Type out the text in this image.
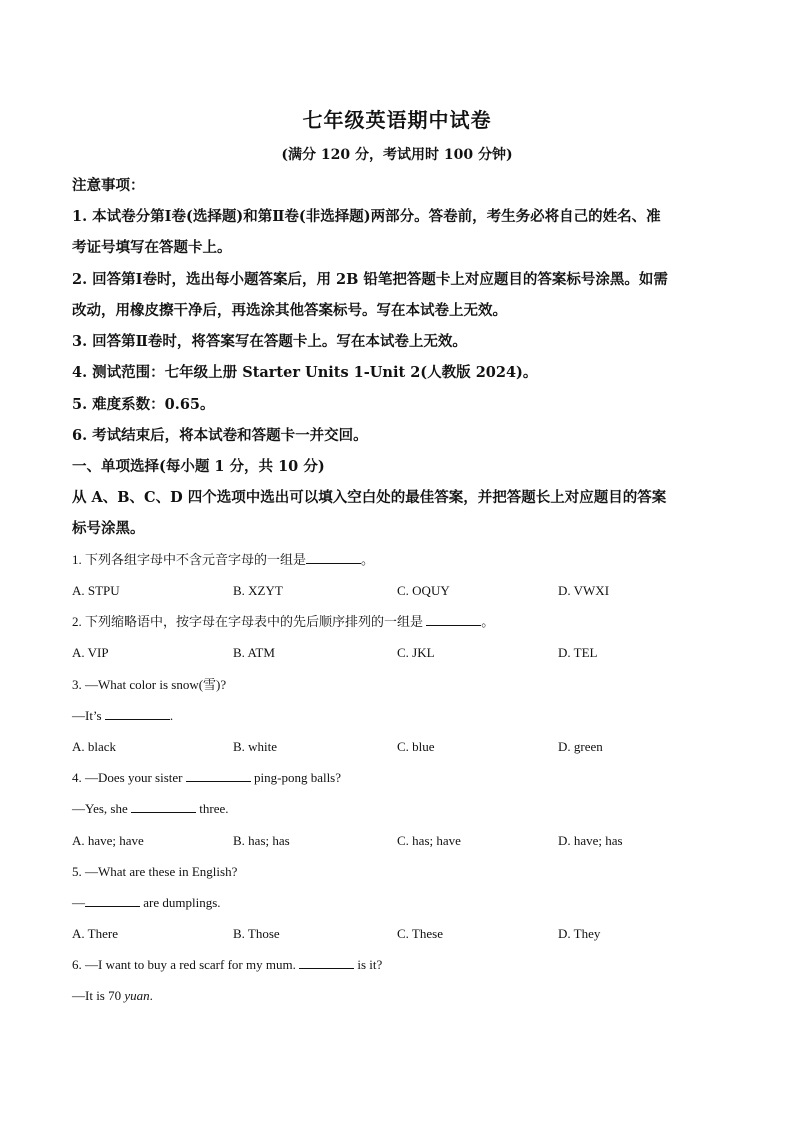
七年级英语期中试卷
(满分 120 分，考试用时 100 分钟)
注意事项：
1. 本试卷分第Ⅰ卷(选择题)和第Ⅱ卷(非选择题)两部分。答卷前，考生务必将自己的姓名、准
考证号填写在答题卡上。
2. 回答第Ⅰ卷时，选出每小题答案后，用 2B 铅笔把答题卡上对应题目的答案标号涂黑。如需
改动，用橡皮擦干净后，再选涂其他答案标号。写在本试卷上无效。
3. 回答第Ⅱ卷时，将答案写在答题卡上。写在本试卷上无效。
4. 测试范围：七年级上册 Starter Units 1-Unit 2(人教版 2024)。
5. 难度系数：0.65。
6. 考试结束后，将本试卷和答题卡一并交回。
一、单项选择(每小题 1 分，共 10 分)
从 A、B、C、D 四个选项中选出可以填入空白处的最佳答案，并把答题长上对应题目的答案
标号涂黑。
1. 下列各组字母中不含元音字母的一组是	。
A. STPU	B. XZYT	C. OQUY	D. VWXI
2. 下列缩略语中，按字母在字母表中的先后顺序排列的一组是	。
A. VIP	B. ATM	C. JKL	D. TEL
3. —What color is snow(雪)?
—It’s	.
A. black	B. white	C. blue	D. green
4. —Does your sister	ping-pong balls?
—Yes, she	three.
A. have; have	B. has; has	C. has; have	D. have; has
5. —What are these in English?
—	are dumplings.
A. There	B. Those	C. These	D. They
6. —I want to buy a red scarf for my mum.	is it?
—It is 70 yuan.
